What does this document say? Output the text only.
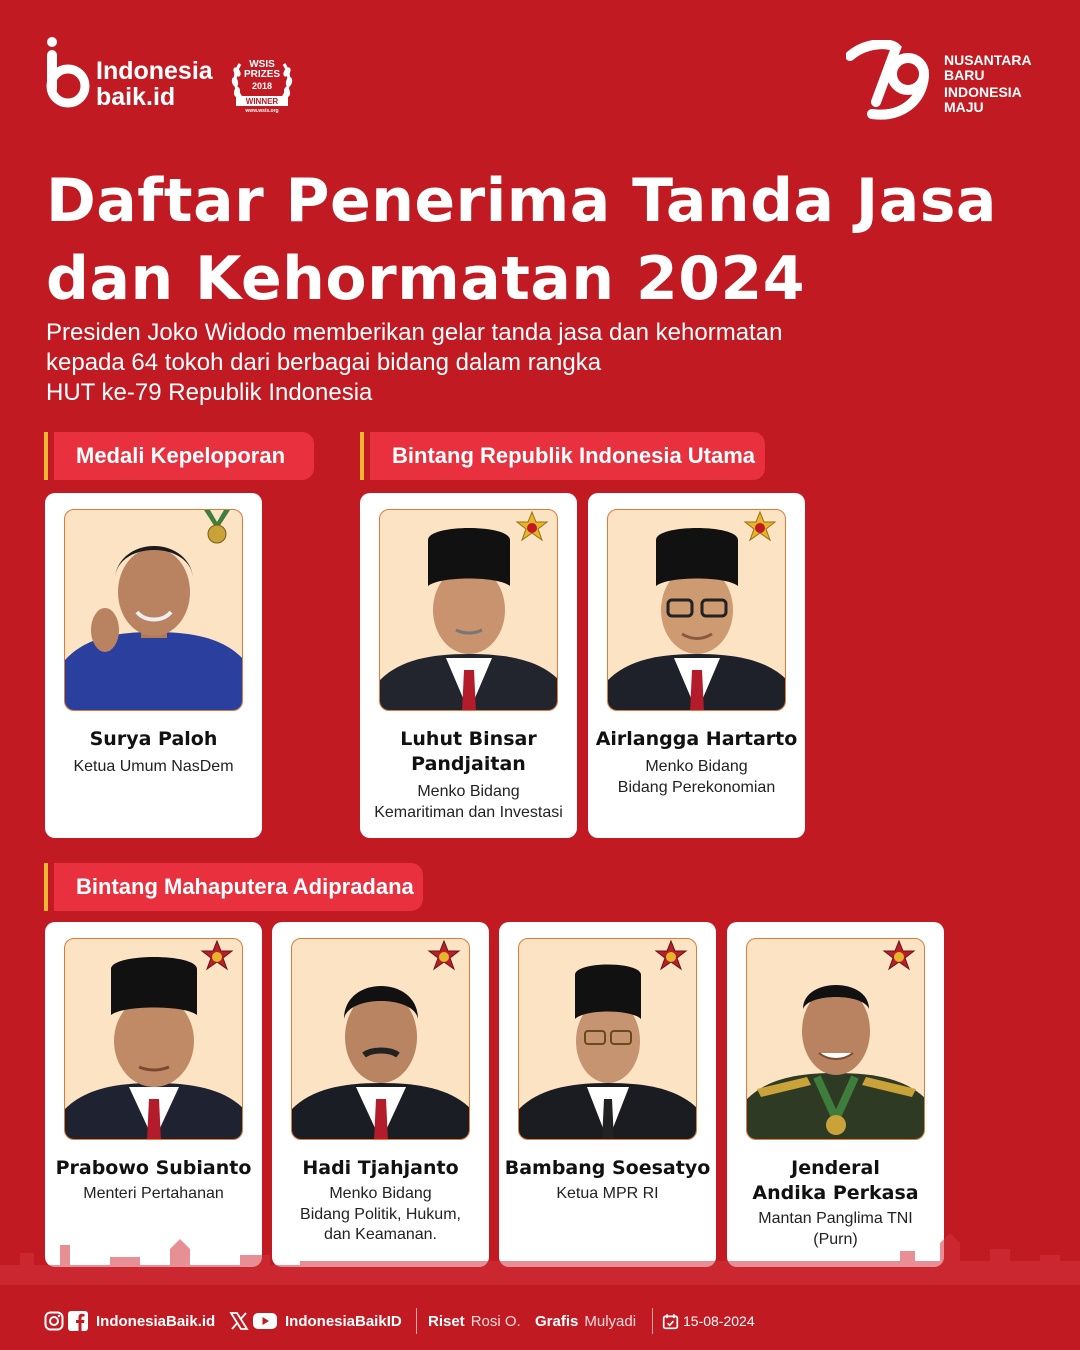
Indonesia
baik.id
WSIS
PRIZES
2018
WINNER
www.wsis.org
NUSANTARA
BARU
INDONESIA
MAJU
Daftar Penerima Tanda Jasa
dan Kehormatan 2024
Presiden Joko Widodo memberikan gelar tanda jasa dan kehormatan
kepada 64 tokoh dari berbagai bidang dalam rangka
HUT ke-79 Republik Indonesia
Medali Kepeloporan	Bintang Republik Indonesia Utama
Bintang Mahaputera Adipradana
Surya Paloh
Ketua Umum NasDem
Luhut Binsar
Pandjaitan
Menko Bidang
Kemaritiman dan Investasi
Airlangga Hartarto
Menko Bidang
Bidang Perekonomian
Prabowo Subianto
Menteri Pertahanan
Hadi Tjahjanto
Menko Bidang
Bidang Politik, Hukum,
dan Keamanan.
Bambang Soesatyo
Ketua MPR RI
Jenderal
Andika Perkasa
Mantan Panglima TNI
(Purn)
IndonesiaBaik.id	IndonesiaBaikID Riset Rosi O. Grafis Mulyadi	15-08-2024
